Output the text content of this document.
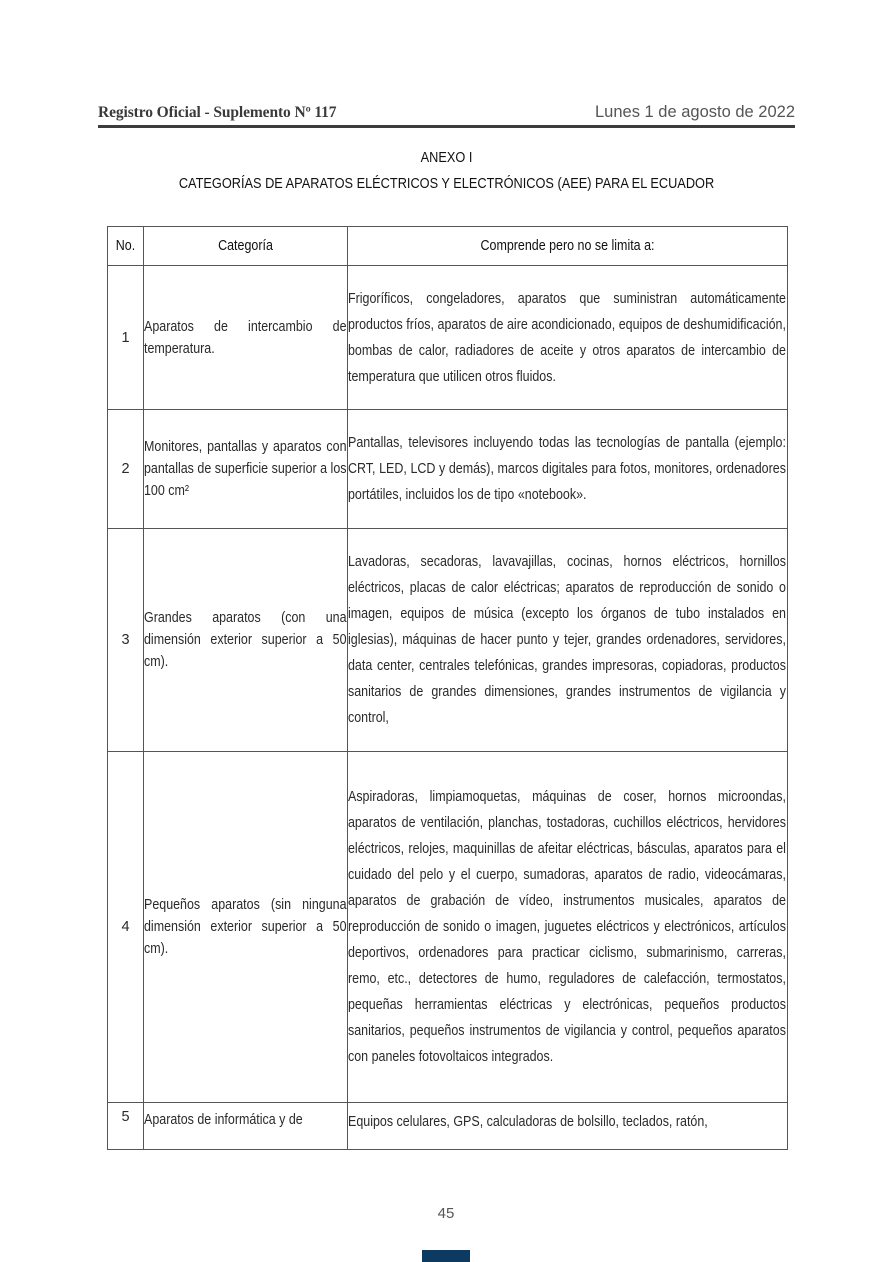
Registro Oficial - Suplemento Nº 117	Lunes 1 de agosto de 2022
ANEXO I
CATEGORÍAS DE APARATOS ELÉCTRICOS Y ELECTRÓNICOS (AEE) PARA EL ECUADOR
No.	Categoría	Comprende pero no se limita a:

1	Aparatos de intercambio de temperatura.	Frigoríficos, congeladores, aparatos que suministran automáticamente productos fríos, aparatos de aire acondicionado, equipos de deshumidificación, bombas de calor, radiadores de aceite y otros aparatos de intercambio de temperatura que utilicen otros fluidos.

2	Monitores, pantallas y aparatos con pantallas de superficie superior a los 100 cm²	Pantallas, televisores incluyendo todas las tecnologías de pantalla (ejemplo: CRT, LED, LCD y demás), marcos digitales para fotos, monitores, ordenadores portátiles, incluidos los de tipo «notebook».

3	Grandes aparatos (con una dimensión exterior superior a 50 cm).	Lavadoras, secadoras, lavavajillas, cocinas, hornos eléctricos, hornillos eléctricos, placas de calor eléctricas; aparatos de reproducción de sonido o imagen, equipos de música (excepto los órganos de tubo instalados en iglesias), máquinas de hacer punto y tejer, grandes ordenadores, servidores, data center, centrales telefónicas, grandes impresoras, copiadoras, productos sanitarios de grandes dimensiones, grandes instrumentos de vigilancia y control,

4	Pequeños aparatos (sin ninguna dimensión exterior superior a 50 cm).	Aspiradoras, limpiamoquetas, máquinas de coser, hornos microondas, aparatos de ventilación, planchas, tostadoras, cuchillos eléctricos, hervidores eléctricos, relojes, maquinillas de afeitar eléctricas, básculas, aparatos para el cuidado del pelo y el cuerpo, sumadoras, aparatos de radio, videocámaras, aparatos de grabación de vídeo, instrumentos musicales, aparatos de reproducción de sonido o imagen, juguetes eléctricos y electrónicos, artículos deportivos, ordenadores para practicar ciclismo, submarinismo, carreras, remo, etc., detectores de humo, reguladores de calefacción, termostatos, pequeñas herramientas eléctricas y electrónicas, pequeños productos sanitarios, pequeños instrumentos de vigilancia y control, pequeños aparatos con paneles fotovoltaicos integrados.

5	Aparatos de informática y de	Equipos celulares, GPS, calculadoras de bolsillo, teclados, ratón,
45
